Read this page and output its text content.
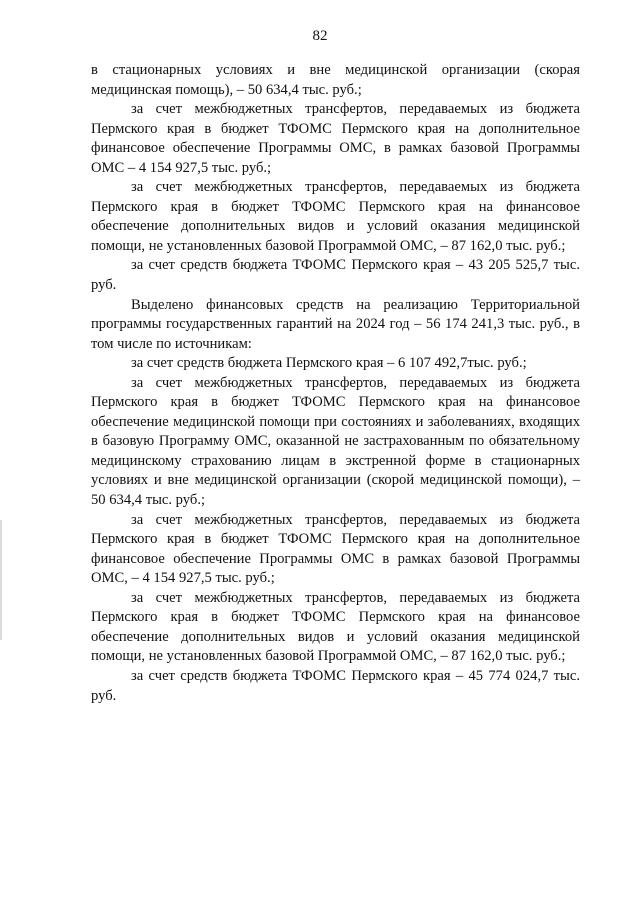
82

в стационарных условиях и вне медицинской организации (скорая медицинская помощь), – 50 634,4 тыс. руб.;

за счет межбюджетных трансфертов, передаваемых из бюджета Пермского края в бюджет ТФОМС Пермского края на дополнительное финансовое обеспечение Программы ОМС, в рамках базовой Программы ОМС – 4 154 927,5 тыс. руб.;

за счет межбюджетных трансфертов, передаваемых из бюджета Пермского края в бюджет ТФОМС Пермского края на финансовое обеспечение дополнительных видов и условий оказания медицинской помощи, не установленных базовой Программой ОМС, – 87 162,0 тыс. руб.;

за счет средств бюджета ТФОМС Пермского края – 43 205 525,7 тыс. руб.

Выделено финансовых средств на реализацию Территориальной программы государственных гарантий на 2024 год – 56 174 241,3 тыс. руб., в том числе по источникам:

за счет средств бюджета Пермского края – 6 107 492,7тыс. руб.;

за счет межбюджетных трансфертов, передаваемых из бюджета Пермского края в бюджет ТФОМС Пермского края на финансовое обеспечение медицинской помощи при состояниях и заболеваниях, входящих в базовую Программу ОМС, оказанной не застрахованным по обязательному медицинскому страхованию лицам в экстренной форме в стационарных условиях и вне медицинской организации (скорой медицинской помощи), – 50 634,4 тыс. руб.;

за счет межбюджетных трансфертов, передаваемых из бюджета Пермского края в бюджет ТФОМС Пермского края на дополнительное финансовое обеспечение Программы ОМС в рамках базовой Программы ОМС, – 4 154 927,5 тыс. руб.;

за счет межбюджетных трансфертов, передаваемых из бюджета Пермского края в бюджет ТФОМС Пермского края на финансовое обеспечение дополнительных видов и условий оказания медицинской помощи, не установленных базовой Программой ОМС, – 87 162,0 тыс. руб.;

за счет средств бюджета ТФОМС Пермского края – 45 774 024,7 тыс. руб.
